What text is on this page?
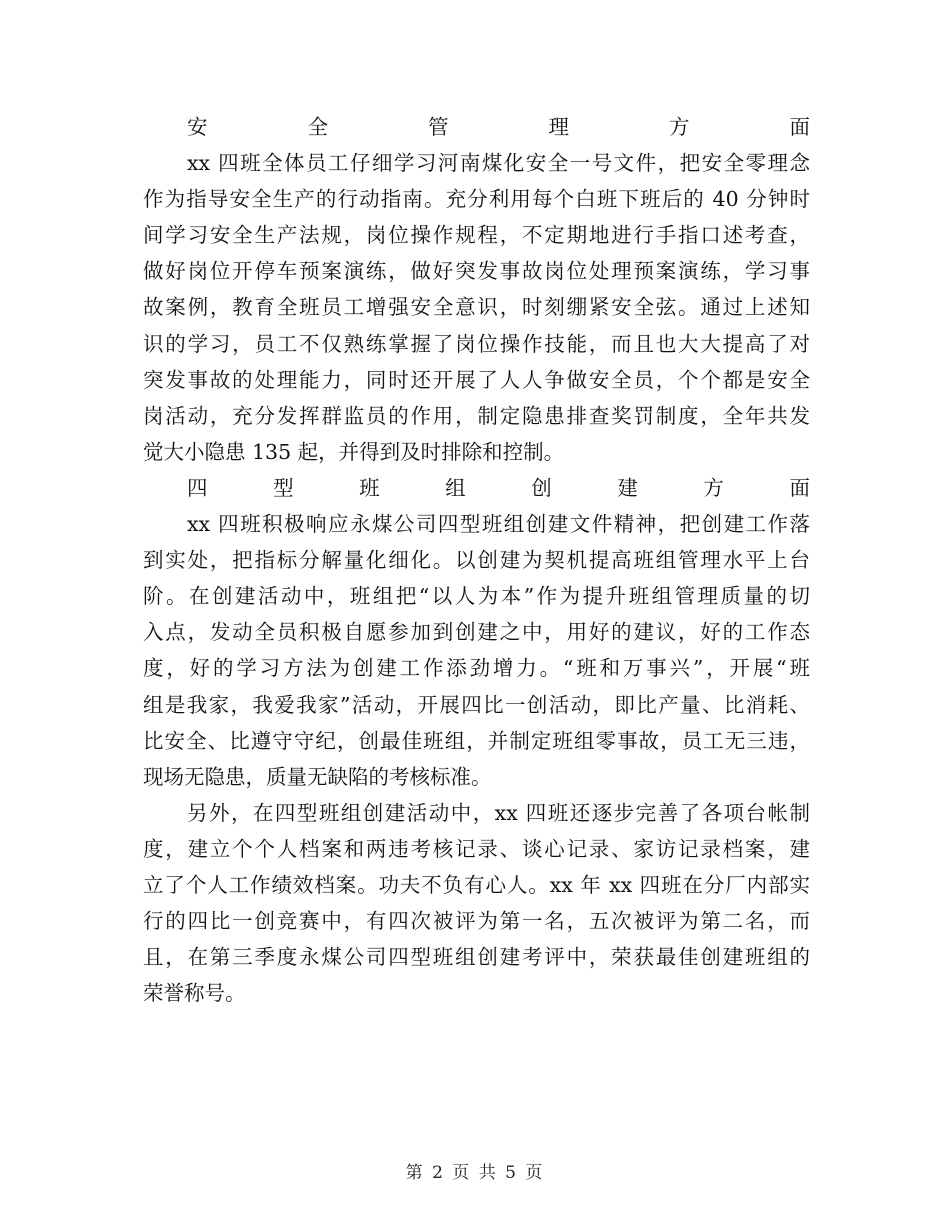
安全管理方面
xx 四班全体员工仔细学习河南煤化安全一号文件，把安全零理念
作为指导安全生产的行动指南。充分利用每个白班下班后的 40 分钟时
间学习安全生产法规，岗位操作规程，不定期地进行手指口述考查，
做好岗位开停车预案演练，做好突发事故岗位处理预案演练，学习事
故案例，教育全班员工增强安全意识，时刻绷紧安全弦。通过上述知
识的学习，员工不仅熟练掌握了岗位操作技能，而且也大大提高了对
突发事故的处理能力，同时还开展了人人争做安全员，个个都是安全
岗活动，充分发挥群监员的作用，制定隐患排查奖罚制度，全年共发
觉大小隐患 135 起，并得到及时排除和控制。
四型班组创建方面
xx 四班积极响应永煤公司四型班组创建文件精神，把创建工作落
到实处，把指标分解量化细化。以创建为契机提高班组管理水平上台
阶。在创建活动中，班组把“以人为本”作为提升班组管理质量的切
入点，发动全员积极自愿参加到创建之中，用好的建议，好的工作态
度，好的学习方法为创建工作添劲增力。“班和万事兴”，开展“班
组是我家，我爱我家”活动，开展四比一创活动，即比产量、比消耗、
比安全、比遵守守纪，创最佳班组，并制定班组零事故，员工无三违，
现场无隐患，质量无缺陷的考核标准。
另外，在四型班组创建活动中，xx 四班还逐步完善了各项台帐制
度，建立个个人档案和两违考核记录、谈心记录、家访记录档案，建
立了个人工作绩效档案。功夫不负有心人。xx 年 xx 四班在分厂内部实
行的四比一创竞赛中，有四次被评为第一名，五次被评为第二名，而
且，在第三季度永煤公司四型班组创建考评中，荣获最佳创建班组的
荣誉称号。
第 2 页 共 5 页
